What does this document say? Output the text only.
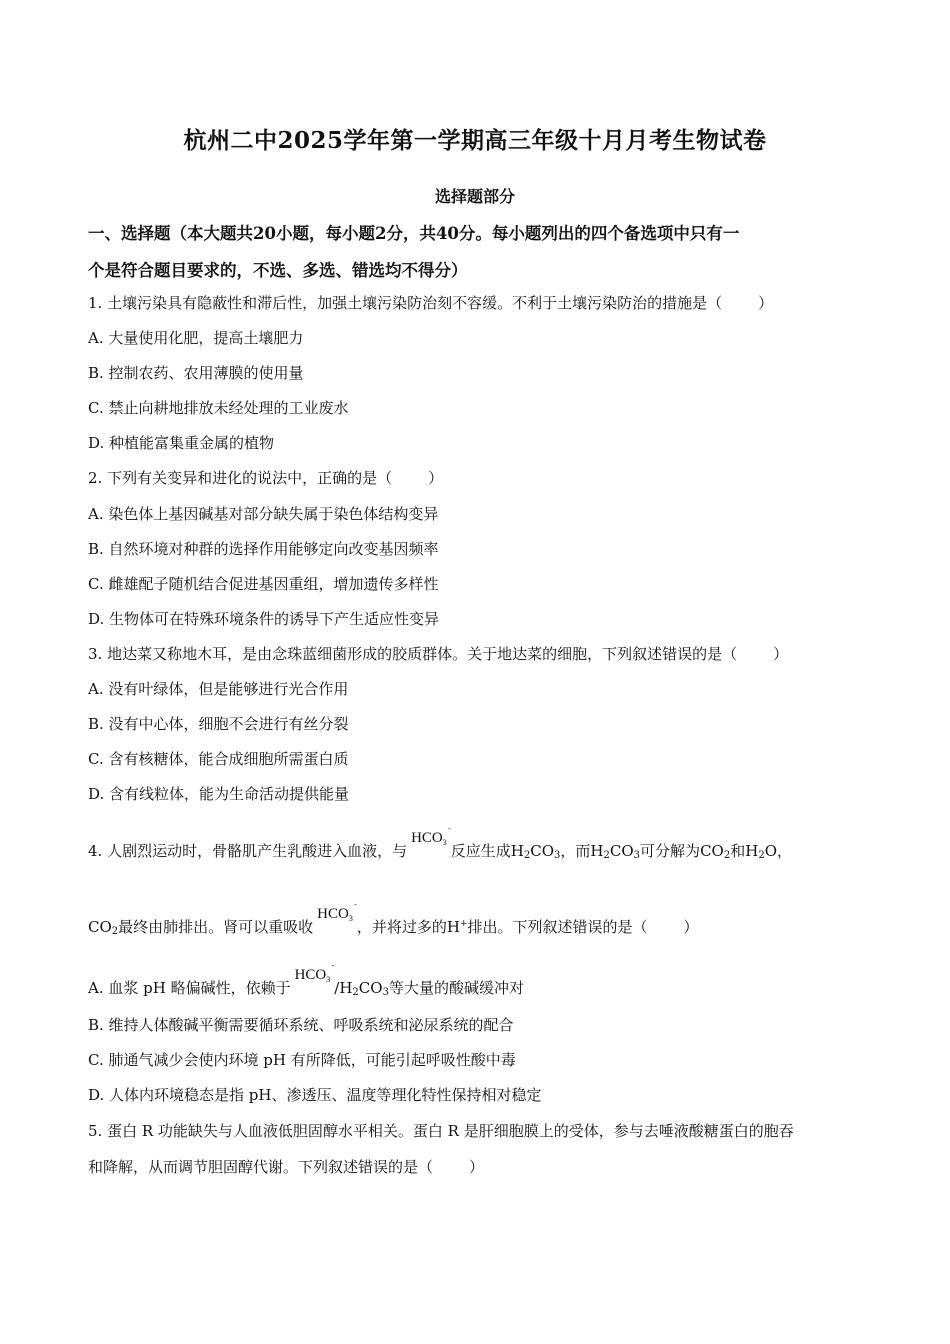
杭州二中2025学年第一学期高三年级十月月考生物试卷
选择题部分
一、选择题（本大题共20小题，每小题2分，共40分。每小题列出的四个备选项中只有一
个是符合题目要求的，不选、多选、错选均不得分）
1. 土壤污染具有隐蔽性和滞后性，加强土壤污染防治刻不容缓。不利于土壤污染防治的措施是（ ）
A. 大量使用化肥，提高土壤肥力
B. 控制农药、农用薄膜的使用量
C. 禁止向耕地排放未经处理的工业废水
D. 种植能富集重金属的植物
2. 下列有关变异和进化的说法中，正确的是（ ）
A. 染色体上基因碱基对部分缺失属于染色体结构变异
B. 自然环境对种群的选择作用能够定向改变基因频率
C. 雌雄配子随机结合促进基因重组，增加遗传多样性
D. 生物体可在特殊环境条件的诱导下产生适应性变异
3. 地达菜又称地木耳，是由念珠蓝细菌形成的胶质群体。关于地达菜的细胞，下列叙述错误的是（ ）
A. 没有叶绿体，但是能够进行光合作用
B. 没有中心体，细胞不会进行有丝分裂
C. 含有核糖体，能合成细胞所需蛋白质
D. 含有线粒体，能为生命活动提供能量
4. 人剧烈运动时，骨骼肌产生乳酸进入血液，与$HCO_3$
-
反应生成$H_2CO_3$，而$H_2CO_3$可分解为$CO_2$和$H_2O$，
$CO_2$最终由肺排出。肾可以重吸收$HCO_3$
-
，并将过多的H+排出。下列叙述错误的是（ ）
A. 血浆 pH 略偏碱性，依赖于$HCO_3$
-
$/H_2CO_3$等大量的酸碱缓冲对
B. 维持人体酸碱平衡需要循环系统、呼吸系统和泌尿系统的配合
C. 肺通气减少会使内环境 pH 有所降低，可能引起呼吸性酸中毒
D. 人体内环境稳态是指 pH、渗透压、温度等理化特性保持相对稳定
5. 蛋白 R 功能缺失与人血液低胆固醇水平相关。蛋白 R 是肝细胞膜上的受体，参与去唾液酸糖蛋白的胞吞
和降解，从而调节胆固醇代谢。下列叙述错误的是（ ）
